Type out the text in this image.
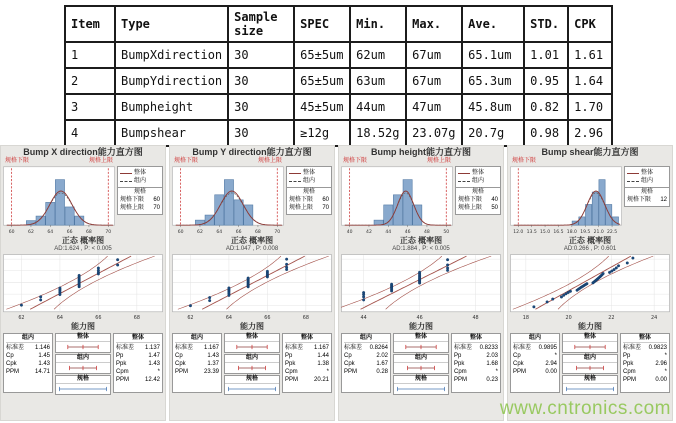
Item	Type	Sample size	SPEC	Min.	Max.	Ave.	STD.	CPK
1	BumpXdirection	30	65±5um	62um	67um	65.1um	1.01	1.61
2	BumpYdirection	30	65±5um	63um	67um	65.3um	0.95	1.64
3	Bumpheight	30	45±5um	44um	47um	45.8um	0.82	1.70
4	Bumpshear	30	≥12g	18.52g	23.07g	20.7g	0.98	2.96
Bump X direction能力直方图
规格下限	规格上限
60	62	64	66	68	70
整体
组内
规格
规格下限 60
规格上限 70
正态 概率图
AD:1.624 , P: < 0.005
62	64	66	68
能力图
组内
标准差 1.146
Cp	1.45
Cpk	1.43
PPM	14.71
整体
组内
规格
整体
标准差 1.137
Pp	1.47
Ppk	1.43
Cpm	*
PPM	12.42
Bump Y direction能力直方图
规格下限	规格上限
60	62	64	66	68	70
整体
组内
规格
规格下限 60
规格上限 70
正态 概率图
AD:1.047 , P: 0.008
62	64	66	68
能力图
组内
标准差 1.167
Cp	1.43
Cpk	1.37
PPM	23.39
整体
组内
规格
整体
标准差 1.167
Pp	1.44
Ppk	1.38
Cpm	*
PPM	20.21
Bump height能力直方图
规格下限	规格上限
40	42	44	46	48	50
整体
组内
规格
规格下限 40
规格上限 50
正态 概率图
AD:1.884 , P: < 0.005
44	46	48
能力图
组内
标准差 0.8264
Cp	2.02
Cpk	1.67
PPM	0.28
整体
组内
规格
整体
标准差 0.8233
Pp	2.03
Ppk	1.68
Cpm	*
PPM	0.23
Bump shear能力直方图
规格下限
12.0 13.5 15.0 16.5 18.0 19.5 21.0 22.5
整体
组内
规格
规格下限 12
正态 概率图
AD:0.266 , P: 0.601
18	20	22	24
能力图
组内
标准差 0.9895
Cp	*
Cpk	2.94
PPM	0.00
整体
组内
规格
整体
标准差 0.9823
Pp	*
Ppk	2.96
Cpm	*
PPM	0.00
www.cntronics.com
